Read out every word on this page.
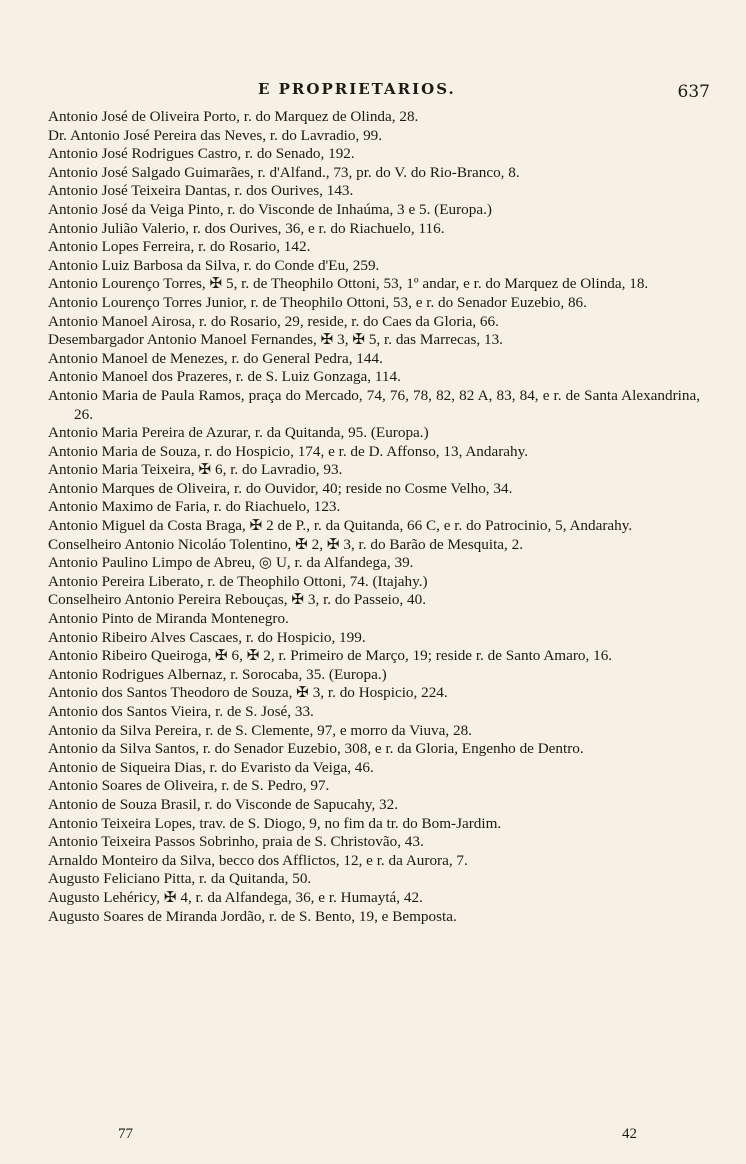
E PROPRIETARIOS.	637
Antonio José de Oliveira Porto, r. do Marquez de Olinda, 28.
Dr. Antonio José Pereira das Neves, r. do Lavradio, 99.
Antonio José Rodrigues Castro, r. do Senado, 192.
Antonio José Salgado Guimarães, r. d'Alfand., 73, pr. do V. do Rio-Branco, 8.
Antonio José Teixeira Dantas, r. dos Ourives, 143.
Antonio José da Veiga Pinto, r. do Visconde de Inhaúma, 3 e 5. (Europa.)
Antonio Julião Valerio, r. dos Ourives, 36, e r. do Riachuelo, 116.
Antonio Lopes Ferreira, r. do Rosario, 142.
Antonio Luiz Barbosa da Silva, r. do Conde d'Eu, 259.
Antonio Lourenço Torres, ✠ 5, r. de Theophilo Ottoni, 53, 1º andar, e r. do Marquez de Olinda, 18.
Antonio Lourenço Torres Junior, r. de Theophilo Ottoni, 53, e r. do Senador Euzebio, 86.
Antonio Manoel Airosa, r. do Rosario, 29, reside, r. do Caes da Gloria, 66.
Desembargador Antonio Manoel Fernandes, ✠ 3, ✠ 5, r. das Marrecas, 13.
Antonio Manoel de Menezes, r. do General Pedra, 144.
Antonio Manoel dos Prazeres, r. de S. Luiz Gonzaga, 114.
Antonio Maria de Paula Ramos, praça do Mercado, 74, 76, 78, 82, 82 A, 83, 84, e r. de Santa Alexandrina, 26.
Antonio Maria Pereira de Azurar, r. da Quitanda, 95. (Europa.)
Antonio Maria de Souza, r. do Hospicio, 174, e r. de D. Affonso, 13, Andarahy.
Antonio Maria Teixeira, ✠ 6, r. do Lavradio, 93.
Antonio Marques de Oliveira, r. do Ouvidor, 40; reside no Cosme Velho, 34.
Antonio Maximo de Faria, r. do Riachuelo, 123.
Antonio Miguel da Costa Braga, ✠ 2 de P., r. da Quitanda, 66 C, e r. do Patrocinio, 5, Andarahy.
Conselheiro Antonio Nicoláo Tolentino, ✠ 2, ✠ 3, r. do Barão de Mesquita, 2.
Antonio Paulino Limpo de Abreu, ◎ U, r. da Alfandega, 39.
Antonio Pereira Liberato, r. de Theophilo Ottoni, 74. (Itajahy.)
Conselheiro Antonio Pereira Rebouças, ✠ 3, r. do Passeio, 40.
Antonio Pinto de Miranda Montenegro.
Antonio Ribeiro Alves Cascaes, r. do Hospicio, 199.
Antonio Ribeiro Queiroga, ✠ 6, ✠ 2, r. Primeiro de Março, 19; reside r. de Santo Amaro, 16.
Antonio Rodrigues Albernaz, r. Sorocaba, 35. (Europa.)
Antonio dos Santos Theodoro de Souza, ✠ 3, r. do Hospicio, 224.
Antonio dos Santos Vieira, r. de S. José, 33.
Antonio da Silva Pereira, r. de S. Clemente, 97, e morro da Viuva, 28.
Antonio da Silva Santos, r. do Senador Euzebio, 308, e r. da Gloria, Engenho de Dentro.
Antonio de Siqueira Dias, r. do Evaristo da Veiga, 46.
Antonio Soares de Oliveira, r. de S. Pedro, 97.
Antonio de Souza Brasil, r. do Visconde de Sapucahy, 32.
Antonio Teixeira Lopes, trav. de S. Diogo, 9, no fim da tr. do Bom-Jardim.
Antonio Teixeira Passos Sobrinho, praia de S. Christovão, 43.
Arnaldo Monteiro da Silva, becco dos Afflictos, 12, e r. da Aurora, 7.
Augusto Feliciano Pitta, r. da Quitanda, 50.
Augusto Lehéricy, ✠ 4, r. da Alfandega, 36, e r. Humaytá, 42.
Augusto Soares de Miranda Jordão, r. de S. Bento, 19, e Bemposta.
77	42
